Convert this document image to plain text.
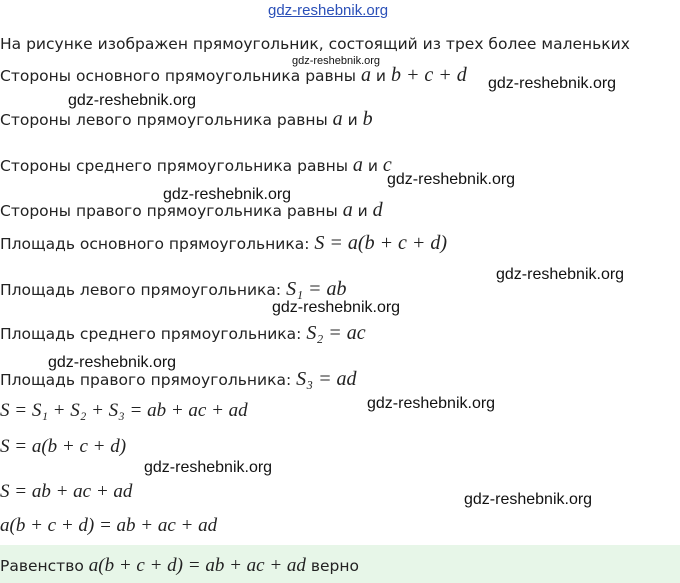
gdz-reshebnik.org
gdz-reshebnik.org
gdz-reshebnik.org
gdz-reshebnik.org
gdz-reshebnik.org
gdz-reshebnik.org
gdz-reshebnik.org
gdz-reshebnik.org
gdz-reshebnik.org
gdz-reshebnik.org
gdz-reshebnik.org
gdz-reshebnik.org
На рисунке изображен прямоугольник, состоящий из трех более маленьких
Стороны основного прямоугольника равны a и b + c + d
Стороны левого прямоугольника равны a и b
Стороны среднего прямоугольника равны a и c
Стороны правого прямоугольника равны a и d
Площадь основного прямоугольника: S = a(b + c + d)
Площадь левого прямоугольника: S₁ = ab
Площадь среднего прямоугольника: S₂ = ac
Площадь правого прямоугольника: S₃ = ad
S = S₁ + S₂ + S₃ = ab + ac + ad
S = a(b + c + d)
S = ab + ac + ad
a(b + c + d) = ab + ac + ad
Равенство a(b + c + d) = ab + ac + ad верно
